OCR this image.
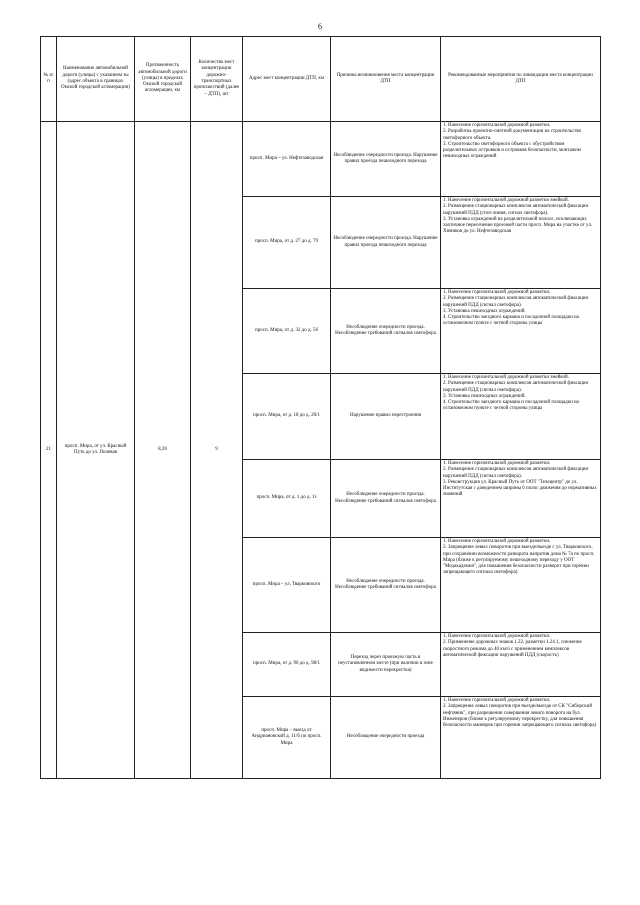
6
№ п/п	Наименование автомобильной дороги (улицы) с указанием зы (адрес объекта в границах Омской городской агломерации)	Протяженность автомобильной дороги (улицы) в пределах Омской городской агломерации, км	Количество мест концентрации дорожно-транспортных происшествий (далее – ДТП), шт	Адрес мест концентрации ДТП, км	Причины возникновения места концентрации ДТП	Рекомендованные мероприятия по ликвидации места концентрации ДТП
21	просп. Мира, от ул. Красный Путь до ул. Полевая	8,26	9	просп. Мира – ул. Нефтезаводская	Несоблюдение очередности проезда. Нарушение правил проезда пешеходного перехода	1. Нанесение горизонтальной дорожной разметки.
2. Разработка проектно-сметной документации на строительство светофорного объекта.
3. Строительство светофорного объекта с обустройством разделительных островков и островков безопасности, монтажом пешеходных ограждений

				просп. Мира, от д. 27 до д. 79	Несоблюдение очередности проезда. Нарушение правил проезда пешеходного перехода	1. Нанесение горизонтальной дорожной разметки змейкой.
2. Размещение стационарных комплексов автоматической фиксации нарушений ПДД (стоп-линия, сигнал светофора).
3. Установка ограждений на разделительной полосе, исключающих хаотичное пересечение проезжей части просп. Мира на участке от ул. Химиков до ул. Нефтезаводская

				просп. Мира, от д. 32 до д. 56	Несоблюдение очередности проезда. Несоблюдение требований сигналов светофора	1. Нанесение горизонтальной дорожной разметки.
2. Размещение стационарных комплексов автоматической фиксации нарушений ПДД (сигнал светофора).
3. Установка пешеходных ограждений.
4. Строительство заездного кармана и посадочной площадки на остановочном пункте с четной стороны улицы

				просп. Мира, от д. 18 до д. 20/1	Нарушение правил перестроения	1. Нанесение горизонтальной дорожной разметки змейкой.
2. Размещение стационарных комплексов автоматической фиксации нарушений ПДД (сигнал светофора).
3. Установка пешеходных ограждений.
4. Строительство заездного кармана и посадочной площадки на остановочном пункте с четной стороны улицы

				просп. Мира, от д. 1 до д. 1з	Несоблюдение очередности проезда. Несоблюдение требований сигналов светофора	1. Нанесение горизонтальной дорожной разметки.
2. Размещение стационарных комплексов автоматической фиксации нарушений ПДД (сигнал светофора).
3. Реконструкция ул. Красный Путь от ООТ "Телецентр" до ул. Институтская с доведением ширины 6 полос движения до нормативных значений

				просп. Мира – ул. Тварковского	Несоблюдение очередности проезда. Несоблюдение требований сигналов светофора	1. Нанесение горизонтальной дорожной разметки.
2. Запрещение левых поворотов при выезде/въезде с ул. Тварковского, при сохранении возможности разворота напротив дома № 7а по просп. Мира (ближе к регулируемому пешеходному переходу у ООТ "Медакадемия", для повышения безопасности разворот при горении запрещающего сигнала светофора)

				просп. Мира, от д. 96 до д. 98/1	Переход через проезжую часть в неустановленном месте (при наличии в зоне видимости перекрестка)	1. Нанесение горизонтальной дорожной разметки.
2. Применение дорожных знаков 1.22, разметки 1.24.1, снижение скоростного режима до 40 км/ч с применением комплексов автоматической фиксации нарушений ПДД (скорость)

				просп. Мира – выезд от Андриановской д. 11/б по просп. Мира	Несоблюдение очередности проезда	1. Нанесение горизонтальной дорожной разметки.
2. Запрещение левых поворотов при въезде/выезде от СК "Сибирский нефтяник", при разрешении совершения левого поворота на бул. Инженеров (ближе к регулируемому перекрестку, для повышения безопасности маневров при горении запрещающего сигнала светофора)
